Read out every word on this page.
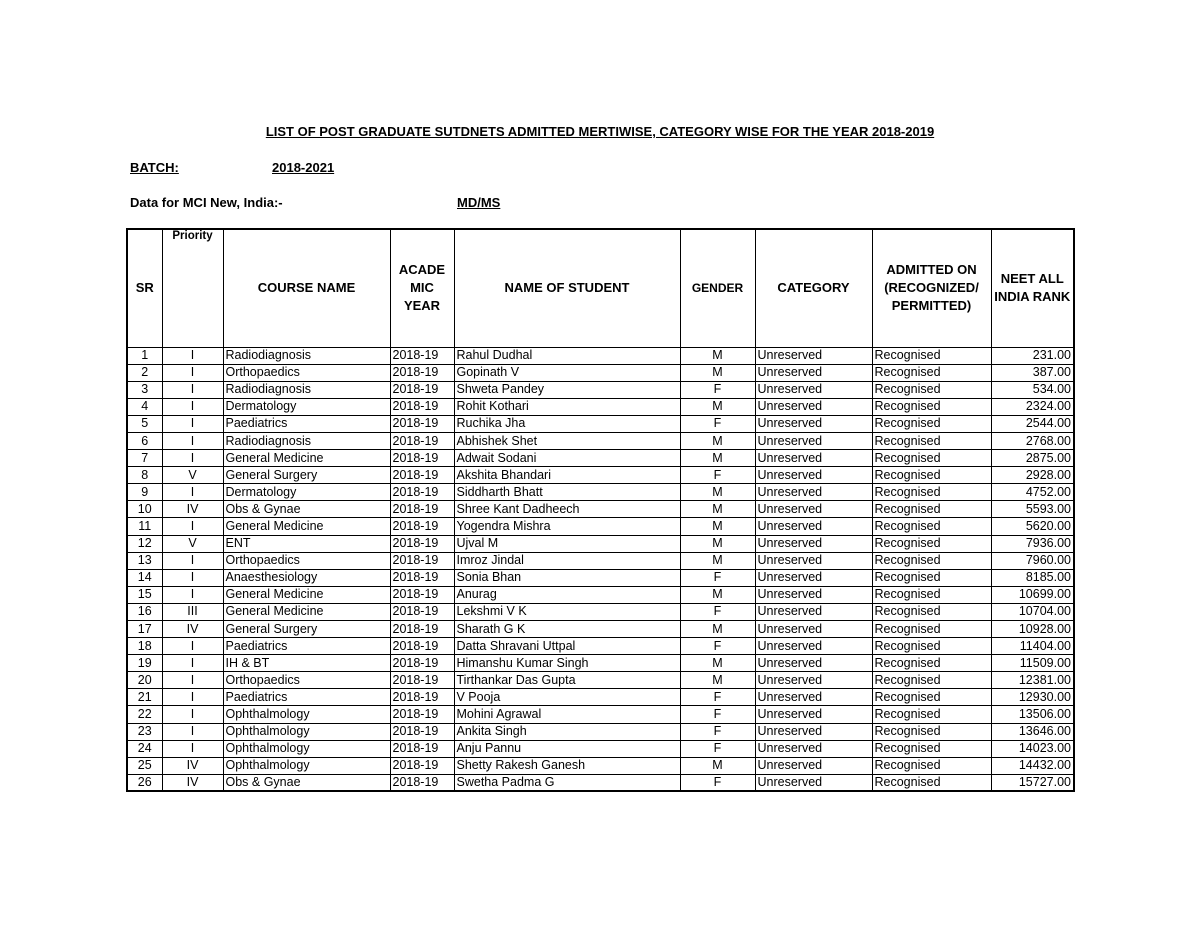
LIST OF POST GRADUATE SUTDNETS ADMITTED MERTIWISE, CATEGORY WISE FOR THE YEAR 2018-2019
BATCH:	2018-2021
Data for MCI New, India:-	MD/MS
SR	Priority	COURSE NAME	ACADE MIC YEAR	NAME OF STUDENT	GENDER	CATEGORY	ADMITTED ON (RECOGNIZED/ PERMITTED)	NEET ALL INDIA RANK
1	I	Radiodiagnosis	2018-19	Rahul Dudhal	M	Unreserved	Recognised	231.00
2	I	Orthopaedics	2018-19	Gopinath V	M	Unreserved	Recognised	387.00
3	I	Radiodiagnosis	2018-19	Shweta Pandey	F	Unreserved	Recognised	534.00
4	I	Dermatology	2018-19	Rohit Kothari	M	Unreserved	Recognised	2324.00
5	I	Paediatrics	2018-19	Ruchika Jha	F	Unreserved	Recognised	2544.00
6	I	Radiodiagnosis	2018-19	Abhishek Shet	M	Unreserved	Recognised	2768.00
7	I	General Medicine	2018-19	Adwait Sodani	M	Unreserved	Recognised	2875.00
8	V	General Surgery	2018-19	Akshita Bhandari	F	Unreserved	Recognised	2928.00
9	I	Dermatology	2018-19	Siddharth Bhatt	M	Unreserved	Recognised	4752.00
10	IV	Obs & Gynae	2018-19	Shree Kant Dadheech	M	Unreserved	Recognised	5593.00
11	I	General Medicine	2018-19	Yogendra Mishra	M	Unreserved	Recognised	5620.00
12	V	ENT	2018-19	Ujval M	M	Unreserved	Recognised	7936.00
13	I	Orthopaedics	2018-19	Imroz Jindal	M	Unreserved	Recognised	7960.00
14	I	Anaesthesiology	2018-19	Sonia Bhan	F	Unreserved	Recognised	8185.00
15	I	General Medicine	2018-19	Anurag	M	Unreserved	Recognised	10699.00
16	III	General Medicine	2018-19	Lekshmi V K	F	Unreserved	Recognised	10704.00
17	IV	General Surgery	2018-19	Sharath G K	M	Unreserved	Recognised	10928.00
18	I	Paediatrics	2018-19	Datta Shravani Uttpal	F	Unreserved	Recognised	11404.00
19	I	IH & BT	2018-19	Himanshu Kumar Singh	M	Unreserved	Recognised	11509.00
20	I	Orthopaedics	2018-19	Tirthankar Das Gupta	M	Unreserved	Recognised	12381.00
21	I	Paediatrics	2018-19	V Pooja	F	Unreserved	Recognised	12930.00
22	I	Ophthalmology	2018-19	Mohini Agrawal	F	Unreserved	Recognised	13506.00
23	I	Ophthalmology	2018-19	Ankita Singh	F	Unreserved	Recognised	13646.00
24	I	Ophthalmology	2018-19	Anju Pannu	F	Unreserved	Recognised	14023.00
25	IV	Ophthalmology	2018-19	Shetty Rakesh Ganesh	M	Unreserved	Recognised	14432.00
26	IV	Obs & Gynae	2018-19	Swetha Padma G	F	Unreserved	Recognised	15727.00
